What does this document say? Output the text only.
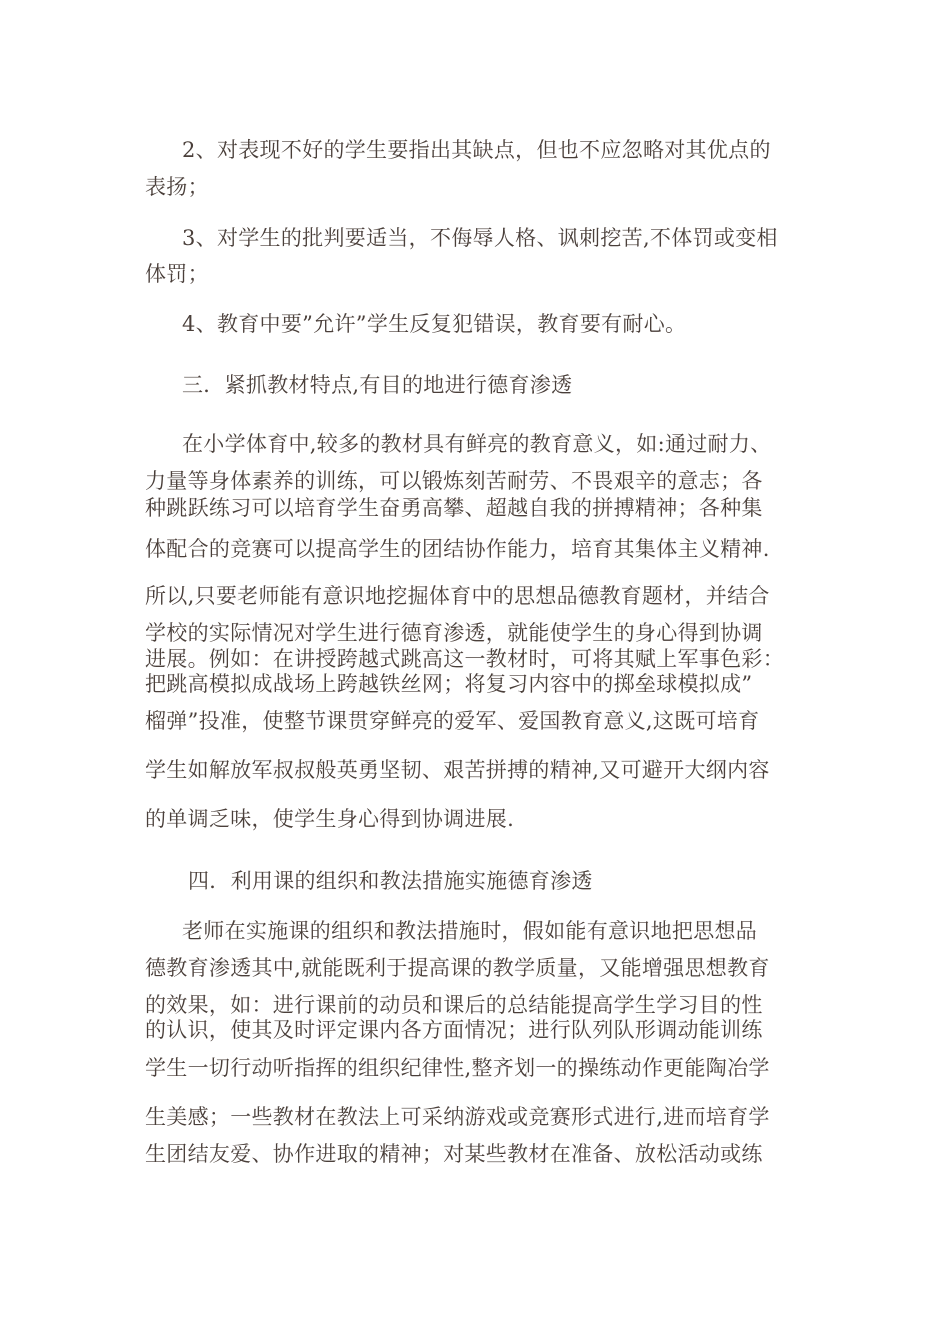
2、对表现不好的学生要指出其缺点，但也不应忽略对其优点的
表扬；
3、对学生的批判要适当，不侮辱人格、讽刺挖苦,不体罚或变相
体罚；
4、教育中要”允许”学生反复犯错误，教育要有耐心。
三．紧抓教材特点,有目的地进行德育渗透
在小学体育中,较多的教材具有鲜亮的教育意义，如:通过耐力、
力量等身体素养的训练，可以锻炼刻苦耐劳、不畏艰辛的意志；各
种跳跃练习可以培育学生奋勇高攀、超越自我的拼搏精神；各种集
体配合的竞赛可以提高学生的团结协作能力，培育其集体主义精神.
所以,只要老师能有意识地挖掘体育中的思想品德教育题材，并结合
学校的实际情况对学生进行德育渗透，就能使学生的身心得到协调
进展。例如：在讲授跨越式跳高这一教材时，可将其赋上军事色彩：
把跳高模拟成战场上跨越铁丝网；将复习内容中的掷垒球模拟成”
榴弹”投准，使整节课贯穿鲜亮的爱军、爱国教育意义,这既可培育
学生如解放军叔叔般英勇坚韧、艰苦拼搏的精神,又可避开大纲内容
的单调乏味，使学生身心得到协调进展.
四．利用课的组织和教法措施实施德育渗透
老师在实施课的组织和教法措施时，假如能有意识地把思想品
德教育渗透其中,就能既利于提高课的教学质量，又能增强思想教育
的效果，如：进行课前的动员和课后的总结能提高学生学习目的性
的认识，使其及时评定课内各方面情况；进行队列队形调动能训练
学生一切行动听指挥的组织纪律性,整齐划一的操练动作更能陶冶学
生美感；一些教材在教法上可采纳游戏或竞赛形式进行,进而培育学
生团结友爱、协作进取的精神；对某些教材在准备、放松活动或练
